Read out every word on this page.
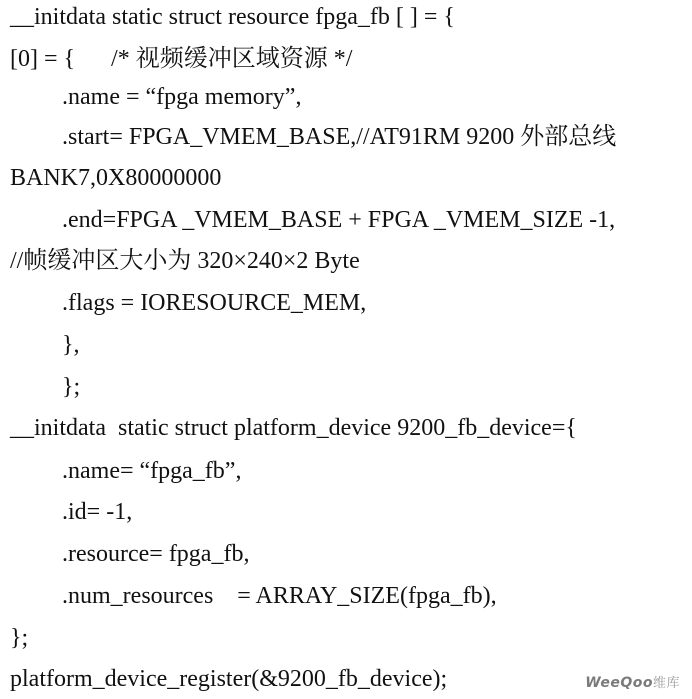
__initdata static struct resource fpga_fb [ ] = {
[0] = {      /* 视频缓冲区域资源 */
.name = “fpga memory”,
.start= FPGA_VMEM_BASE,//AT91RM 9200 外部总线
BANK7,0X80000000
.end=FPGA _VMEM_BASE + FPGA _VMEM_SIZE -1,
//帧缓冲区大小为 320×240×2 Byte
.flags = IORESOURCE_MEM,
},
};
__initdata  static struct platform_device 9200_fb_device={
.name= “fpga_fb”,
.id= -1,
.resource= fpga_fb,
.num_resources    = ARRAY_SIZE(fpga_fb),
};
platform_device_register(&9200_fb_device);	WeeQoo维库
